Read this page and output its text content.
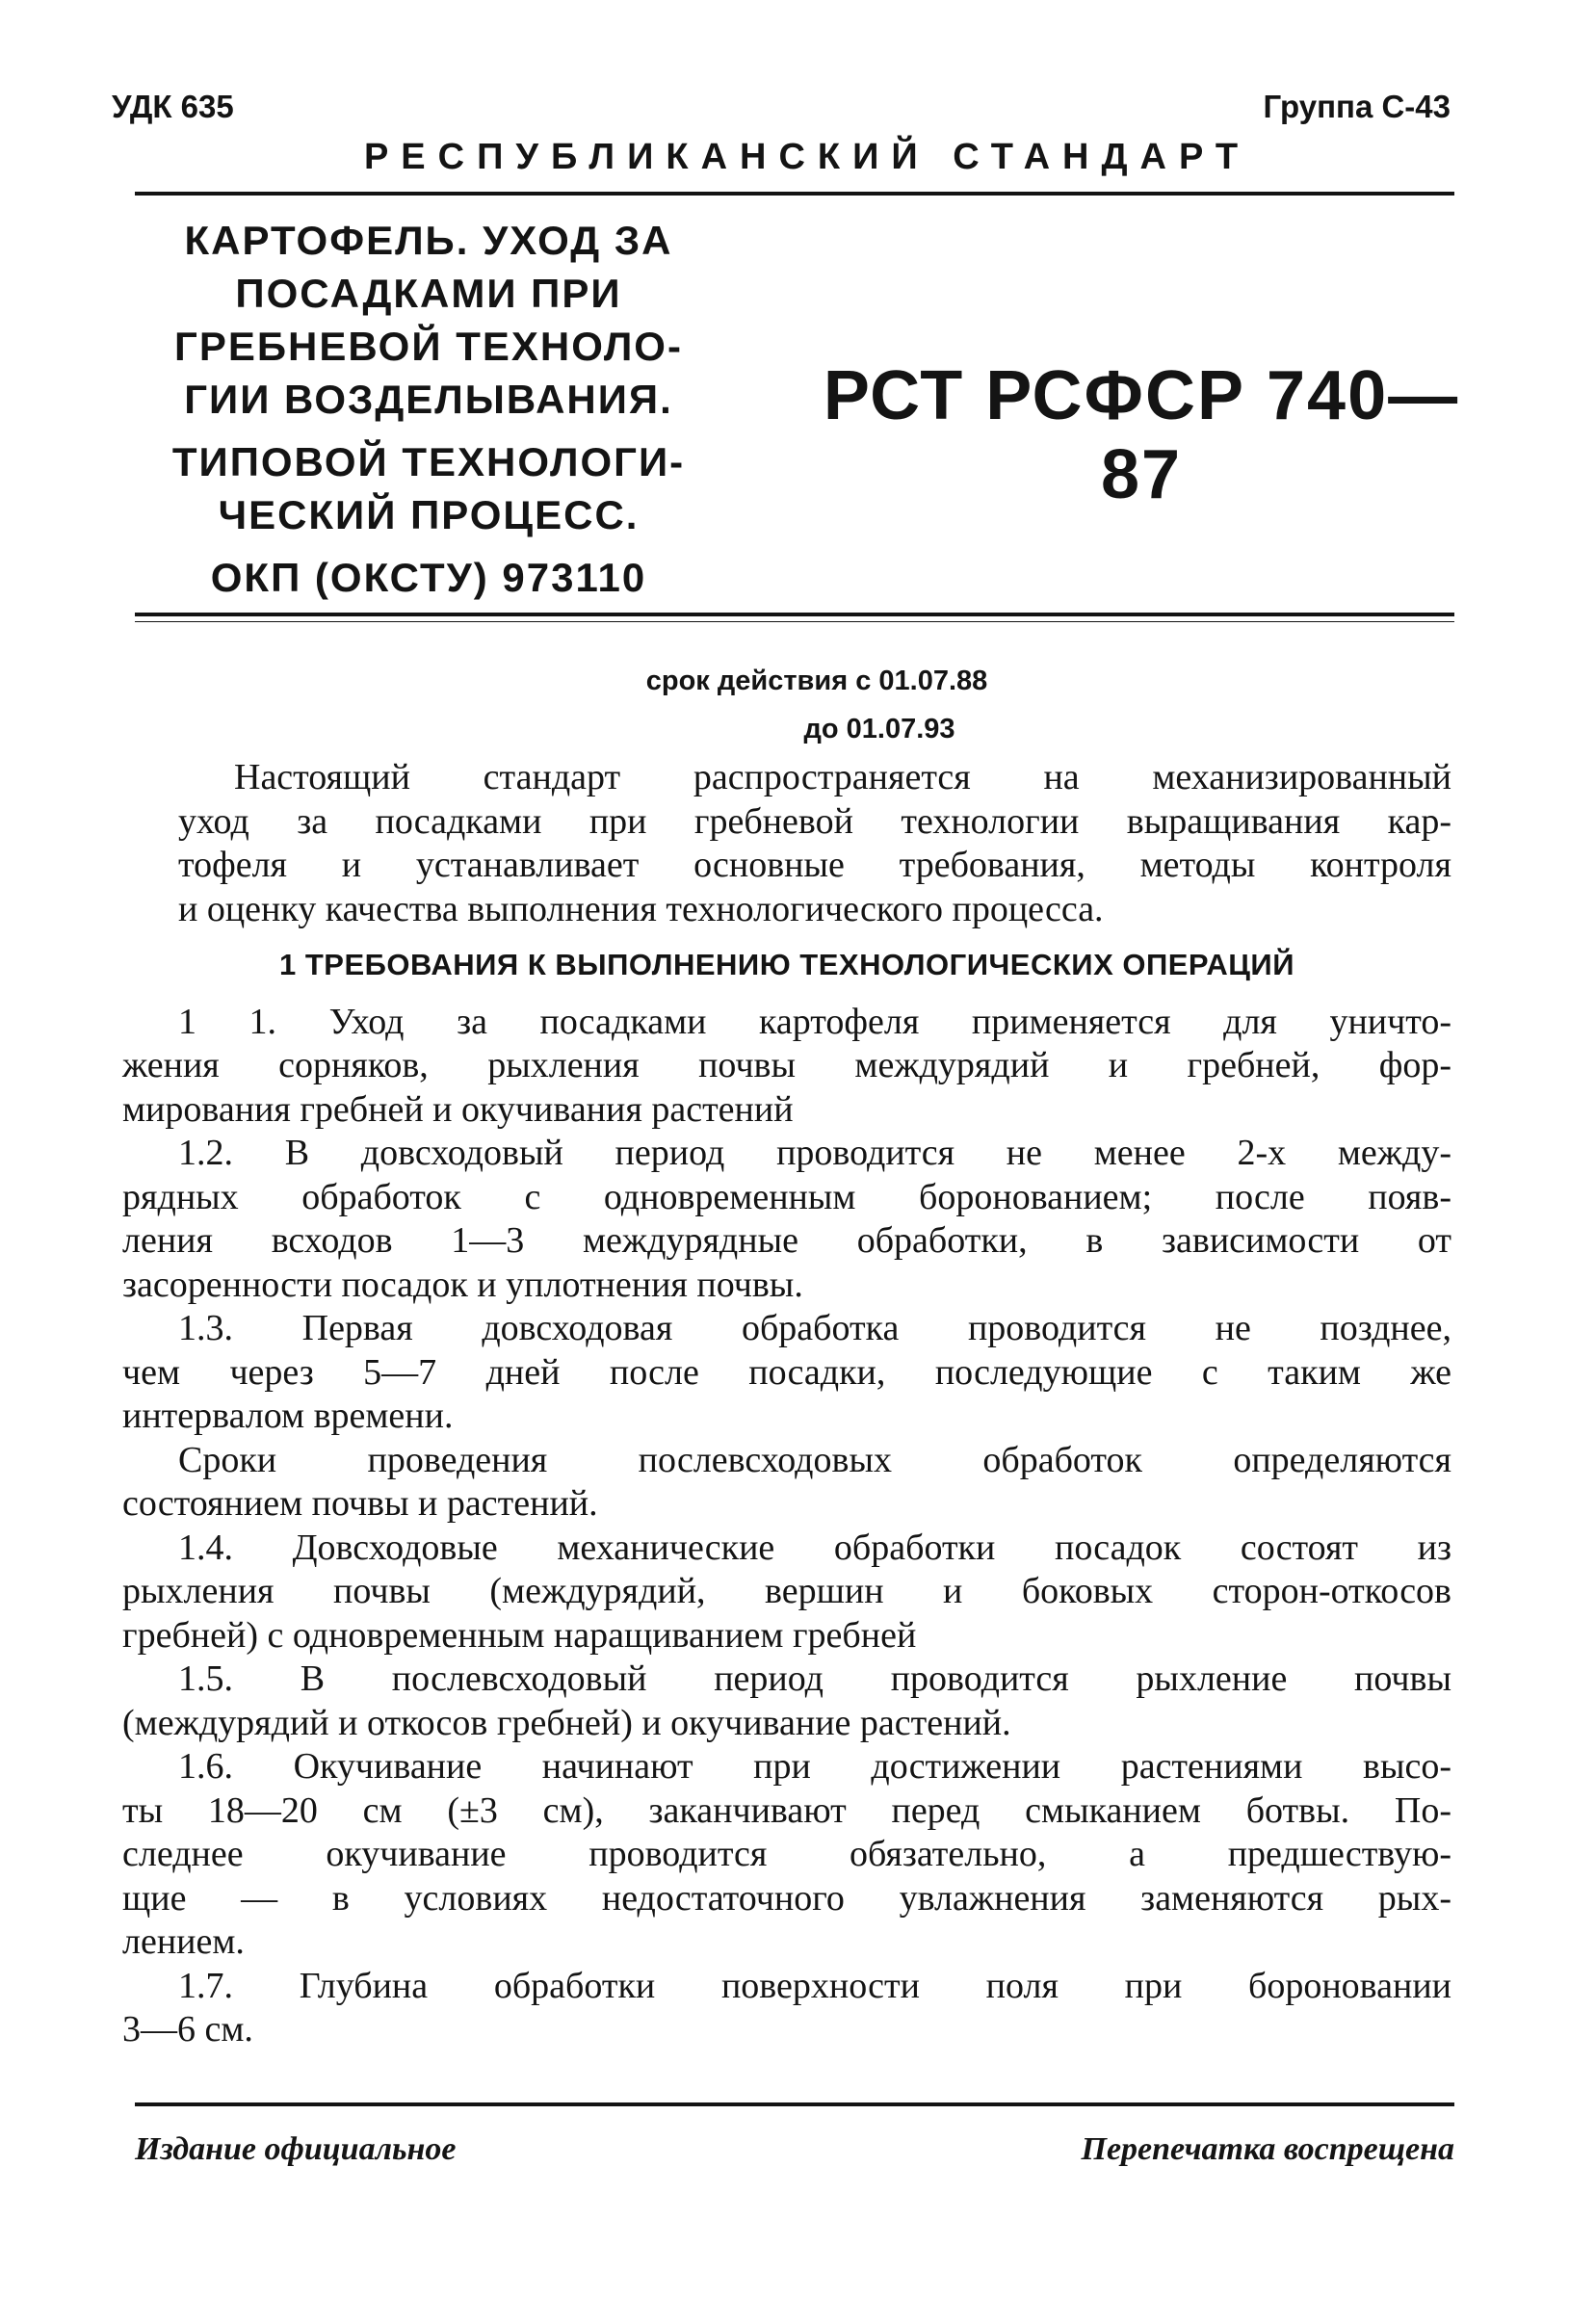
УДК 635	Группа С-43
РЕСПУБЛИКАНСКИЙ СТАНДАРТ
КАРТОФЕЛЬ. УХОД ЗА
ПОСАДКАМИ ПРИ
ГРЕБНЕВОЙ ТЕХНОЛО-
ГИИ ВОЗДЕЛЫВАНИЯ.
ТИПОВОЙ ТЕХНОЛОГИ-
ЧЕСКИЙ ПРОЦЕСС.
ОКП (ОКСТУ) 973110
РСТ РСФСР 740—87
срок действия с 01.07.88
до 01.07.93

Настоящий стандарт распространяется на механизированный
уход за посадками при гребневой технологии выращивания кар-
тофеля и устанавливает основные требования, методы контроля
и оценку качества выполнения технологического процесса.

1 ТРЕБОВАНИЯ К ВЫПОЛНЕНИЮ ТЕХНОЛОГИЧЕСКИХ ОПЕРАЦИЙ

1 1. Уход за посадками картофеля применяется для уничто-
жения сорняков, рыхления почвы междурядий и гребней, фор-
мирования гребней и окучивания растений

1.2. В довсходовый период проводится не менее 2-х между-
рядных обработок с одновременным боронованием; после появ-
ления всходов 1—3 междурядные обработки, в зависимости от
засоренности посадок и уплотнения почвы.

1.3. Первая довсходовая обработка проводится не позднее,
чем через 5—7 дней после посадки, последующие с таким же
интервалом времени.

Сроки проведения послевсходовых обработок определяются
состоянием почвы и растений.

1.4. Довсходовые механические обработки посадок состоят из
рыхления почвы (междурядий, вершин и боковых сторон-откосов
гребней) с одновременным наращиванием гребней

1.5. В послевсходовый период проводится рыхление почвы
(междурядий и откосов гребней) и окучивание растений.

1.6. Окучивание начинают при достижении растениями высо-
ты 18—20 см (±3 см), заканчивают перед смыканием ботвы. По-
следнее окучивание проводится обязательно, а предшествую-
щие — в условиях недостаточного увлажнения заменяются рых-
лением.

1.7. Глубина обработки поверхности поля при бороновании
3—6 см.

Издание официальное	Перепечатка воспрещена
